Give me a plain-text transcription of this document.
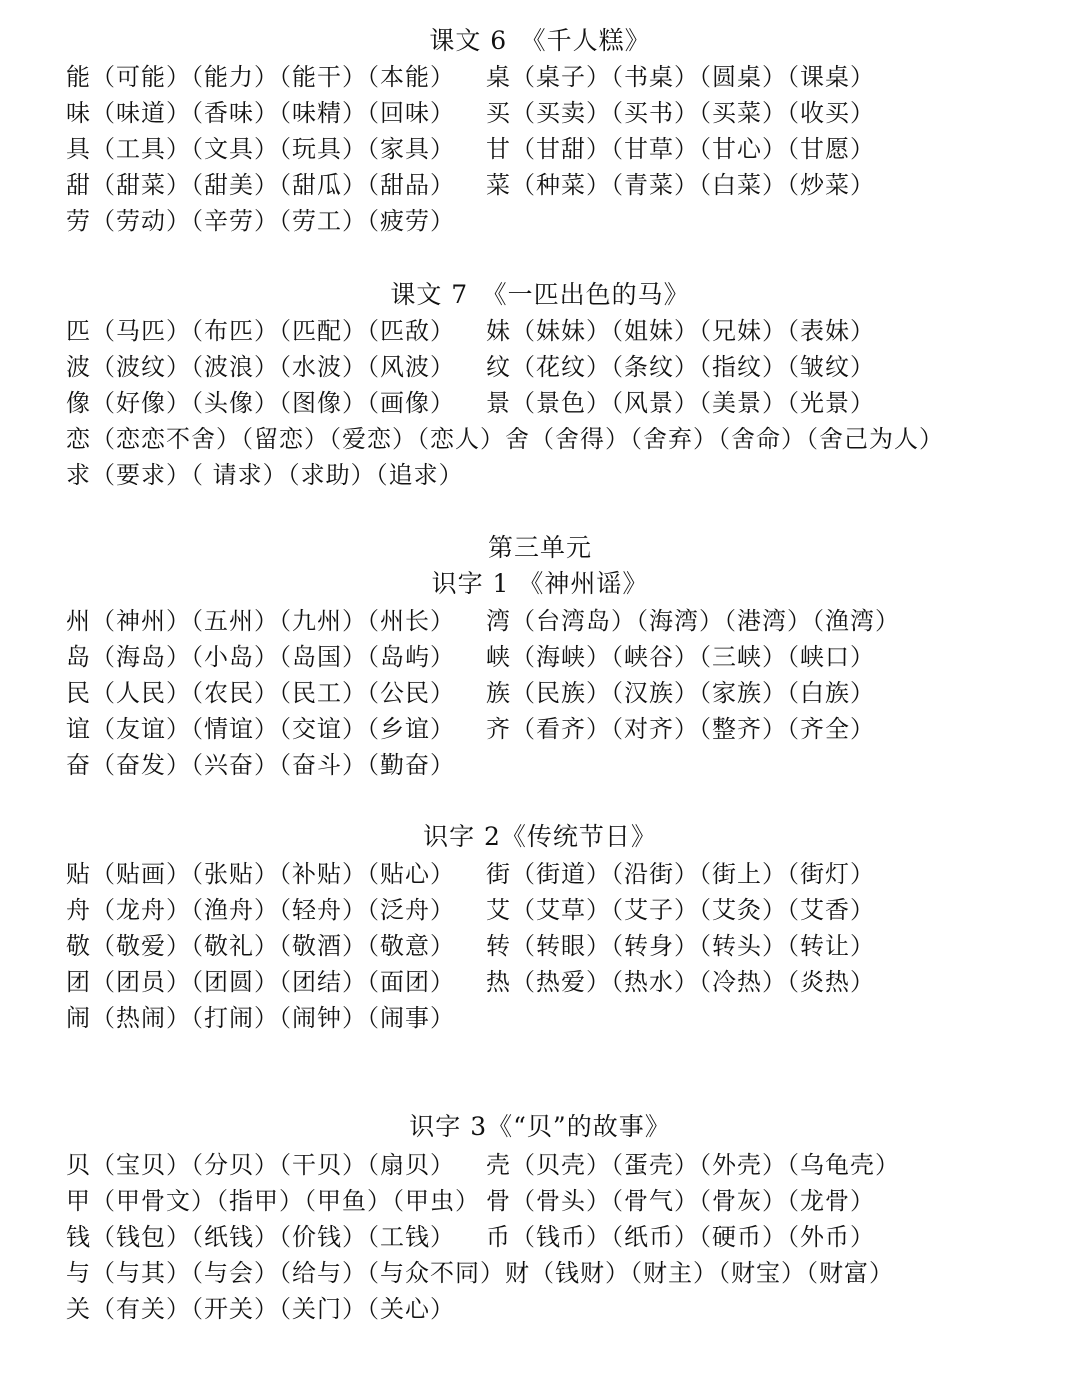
课文 6　《千人糕》
能（可能）（能力）（能干）（本能） 桌（桌子）（书桌）（圆桌）（课桌）
味（味道）（香味）（味精）（回味） 买（买卖）（买书）（买菜）（收买）
具（工具）（文具）（玩具）（家具） 甘（甘甜）（甘草）（甘心）（甘愿）
甜（甜菜）（甜美）（甜瓜）（甜品） 菜（种菜）（青菜）（白菜）（炒菜）
劳（劳动）（辛劳）（劳工）（疲劳）
课文 7　《一匹出色的马》
匹（马匹）（布匹）（匹配）（匹敌） 妹（妹妹）（姐妹）（兄妹）（表妹）
波（波纹）（波浪）（水波）（风波） 纹（花纹）（条纹）（指纹）（皱纹）
像（好像）（头像）（图像）（画像） 景（景色）（风景）（美景）（光景）
恋（恋恋不舍）（留恋）（爱恋）（恋人）舍（舍得）（舍弃）（舍命）（舍己为人）
求（要求）（ 请求）（求助）（追求）
第三单元
识字 1 《神州谣》
州（神州）（五州）（九州）（州长） 湾（台湾岛）（海湾）（港湾）（渔湾）
岛（海岛）（小岛）（岛国）（岛屿） 峡（海峡）（峡谷）（三峡）（峡口）
民（人民）（农民）（民工）（公民） 族（民族）（汉族）（家族）（白族）
谊（友谊）（情谊）（交谊）（乡谊） 齐（看齐）（对齐）（整齐）（齐全）
奋（奋发）（兴奋）（奋斗）（勤奋）
识字 2《传统节日》
贴（贴画）（张贴）（补贴）（贴心） 街（街道）（沿街）（街上）（街灯）
舟（龙舟）（渔舟）（轻舟）（泛舟） 艾（艾草）（艾子）（艾灸）（艾香）
敬（敬爱）（敬礼）（敬酒）（敬意） 转（转眼）（转身）（转头）（转让）
团（团员）（团圆）（团结）（面团） 热（热爱）（热水）（冷热）（炎热）
闹（热闹）（打闹）（闹钟）（闹事）
识字 3《“贝”的故事》
贝（宝贝）（分贝）（干贝）（扇贝） 壳（贝壳）（蛋壳）（外壳）（乌龟壳）
甲（甲骨文）（指甲）（甲鱼）（甲虫） 骨（骨头）（骨气）（骨灰）（龙骨）
钱（钱包）（纸钱）（价钱）（工钱） 币（钱币）（纸币）（硬币）（外币）
与（与其）（与会）（给与）（与众不同）财（钱财）（财主）（财宝）（财富）
关（有关）（开关）（关门）（关心）
